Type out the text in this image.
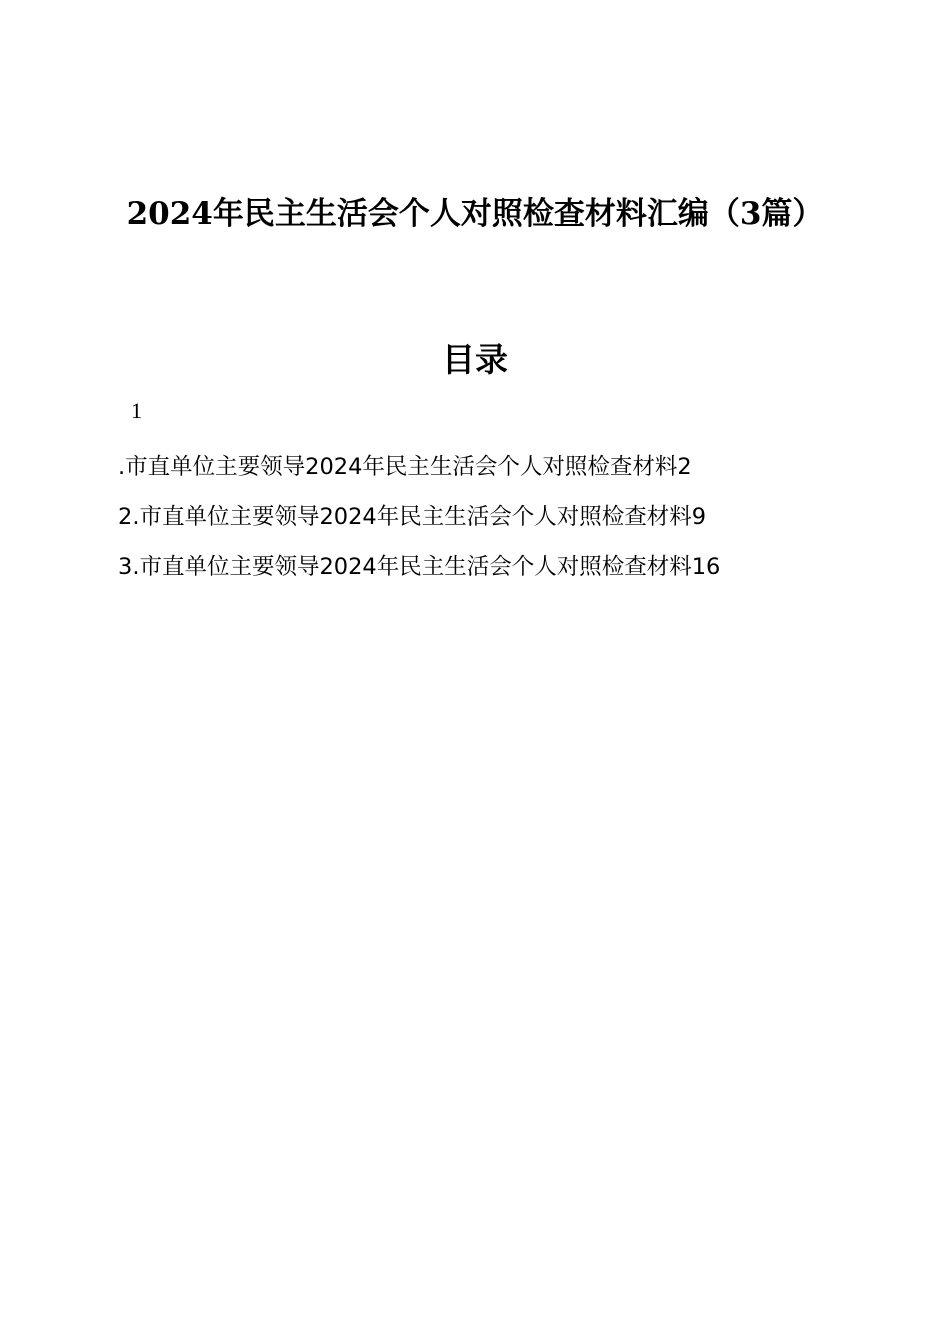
2024年民主生活会个人对照检查材料汇编（3篇）
目录
1
.市直单位主要领导2024年民主生活会个人对照检查材料2
2.市直单位主要领导2024年民主生活会个人对照检查材料9
3.市直单位主要领导2024年民主生活会个人对照检查材料16
